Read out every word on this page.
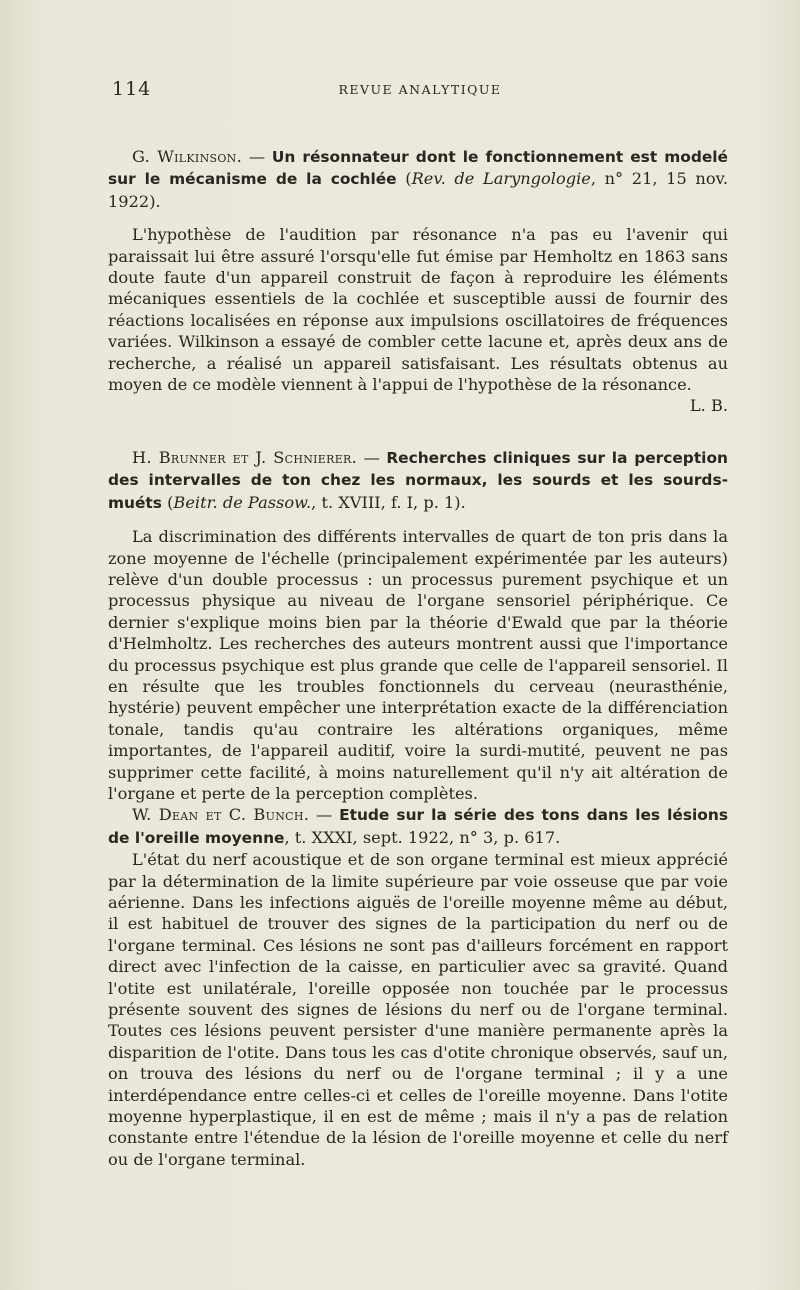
114	REVUE ANALYTIQUE

G. Wilkinson. — Un résonnateur dont le fonctionnement est modelé sur le mécanisme de la cochlée (Rev. de Laryngologie, n° 21, 15 nov. 1922).

L'hypothèse de l'audition par résonance n'a pas eu l'avenir qui paraissait lui être assuré l'orsqu'elle fut émise par Hemholtz en 1863 sans doute faute d'un appareil construit de façon à reproduire les éléments mécaniques essentiels de la cochlée et susceptible aussi de fournir des réactions localisées en réponse aux impulsions oscillatoires de fréquences variées. Wilkinson a essayé de combler cette lacune et, après deux ans de recherche, a réalisé un appareil satisfaisant. Les résultats obtenus au moyen de ce modèle viennent à l'appui de l'hypothèse de la résonance.
L. B.

H. Brunner et J. Schnierer. — Recherches cliniques sur la perception des intervalles de ton chez les normaux, les sourds et les sourds-muéts (Beitr. de Passow., t. XVIII, f. I, p. 1).

La discrimination des différents intervalles de quart de ton pris dans la zone moyenne de l'échelle (principalement expérimentée par les auteurs) relève d'un double processus : un processus purement psychique et un processus physique au niveau de l'organe sensoriel périphérique. Ce dernier s'explique moins bien par la théorie d'Ewald que par la théorie d'Helmholtz. Les recherches des auteurs montrent aussi que l'importance du processus psychique est plus grande que celle de l'appareil sensoriel. Il en résulte que les troubles fonctionnels du cerveau (neurasthénie, hystérie) peuvent empêcher une interprétation exacte de la différenciation tonale, tandis qu'au contraire les altérations organiques, même importantes, de l'appareil auditif, voire la surdi-mutité, peuvent ne pas supprimer cette facilité, à moins naturellement qu'il n'y ait altération de l'organe et perte de la perception complètes.

W. Dean et C. Bunch. — Etude sur la série des tons dans les lésions de l'oreille moyenne, t. XXXI, sept. 1922, n° 3, p. 617.

L'état du nerf acoustique et de son organe terminal est mieux apprécié par la détermination de la limite supérieure par voie osseuse que par voie aérienne. Dans les infections aiguës de l'oreille moyenne même au début, il est habituel de trouver des signes de la participation du nerf ou de l'organe terminal. Ces lésions ne sont pas d'ailleurs forcément en rapport direct avec l'infection de la caisse, en particulier avec sa gravité. Quand l'otite est unilatérale, l'oreille opposée non touchée par le processus présente souvent des signes de lésions du nerf ou de l'organe terminal. Toutes ces lésions peuvent persister d'une manière permanente après la disparition de l'otite. Dans tous les cas d'otite chronique observés, sauf un, on trouva des lésions du nerf ou de l'organe terminal ; il y a une interdépendance entre celles-ci et celles de l'oreille moyenne. Dans l'otite moyenne hyperplastique, il en est de même ; mais il n'y a pas de relation constante entre l'étendue de la lésion de l'oreille moyenne et celle du nerf ou de l'organe terminal.
